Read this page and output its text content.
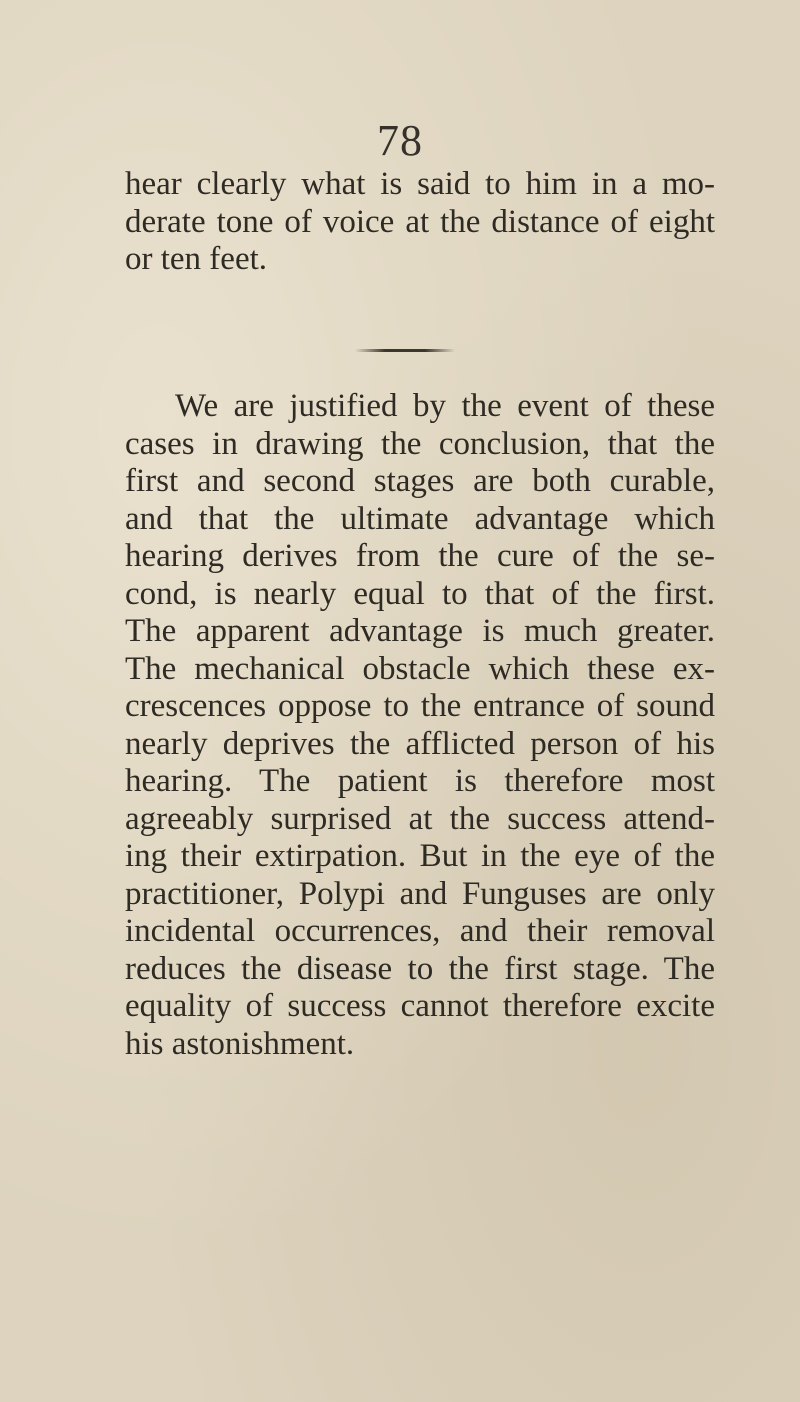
78
hear clearly what is said to him in a mo-
derate tone of voice at the distance of eight
or ten feet.
We are justified by the event of these
cases in drawing the conclusion, that the
first and second stages are both curable,
and that the ultimate advantage which
hearing derives from the cure of the se-
cond, is nearly equal to that of the first.
The apparent advantage is much greater.
The mechanical obstacle which these ex-
crescences oppose to the entrance of sound
nearly deprives the afflicted person of his
hearing. The patient is therefore most
agreeably surprised at the success attend-
ing their extirpation. But in the eye of the
practitioner, Polypi and Funguses are only
incidental occurrences, and their removal
reduces the disease to the first stage. The
equality of success cannot therefore excite
his astonishment.
